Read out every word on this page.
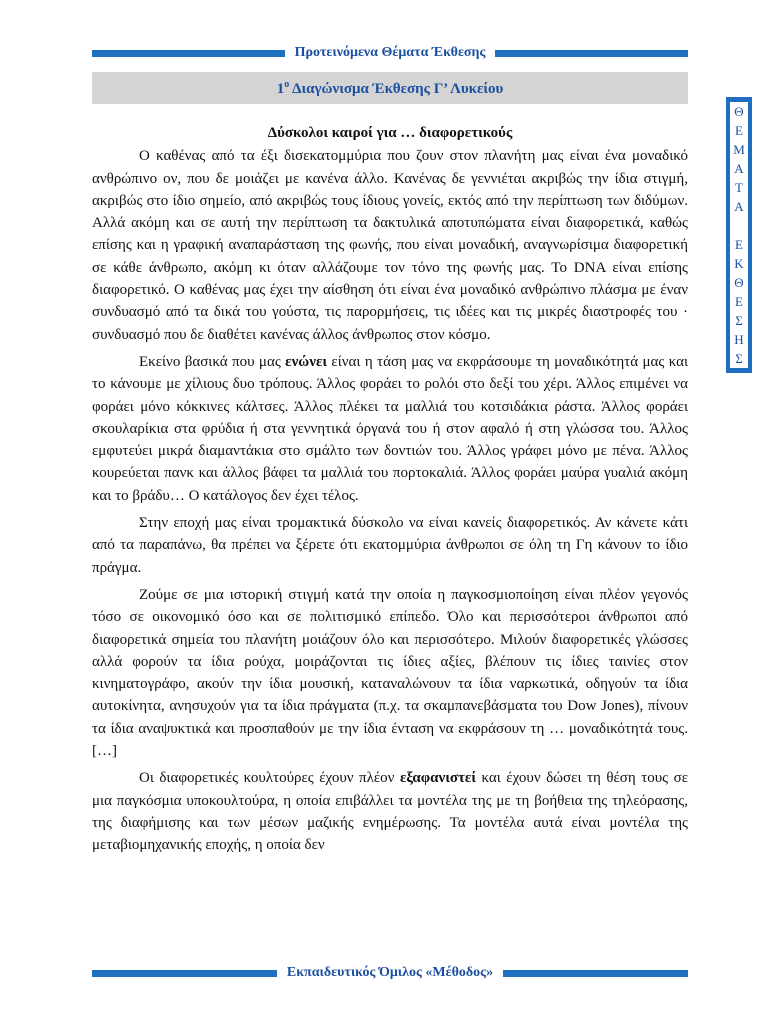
Προτεινόμενα Θέματα Έκθεσης
$1^o$ Διαγώνισμα Έκθεσης Γ’ Λυκείου
Θ
Ε
Μ
Α
Τ
Α
Ε
Κ
Θ
Ε
Σ
Η
Σ
Δύσκολοι καιροί για … διαφορετικούς

Ο καθένας από τα έξι δισεκατομμύρια που ζουν στον πλανήτη μας είναι ένα μοναδικό ανθρώπινο ον, που δε μοιάζει με κανένα άλλο. Κανένας δε γεννιέται ακριβώς την ίδια στιγμή, ακριβώς στο ίδιο σημείο, από ακριβώς τους ίδιους γονείς, εκτός από την περίπτωση των διδύμων. Αλλά ακόμη και σε αυτή την περίπτωση τα δακτυλικά αποτυπώματα είναι διαφορετικά, καθώς επίσης και η γραφική αναπαράσταση της φωνής, που είναι μοναδική, αναγνωρίσιμα διαφορετική σε κάθε άνθρωπο, ακόμη κι όταν αλλάζουμε τον τόνο της φωνής μας. Το DNA είναι επίσης διαφορετικό. Ο καθένας μας έχει την αίσθηση ότι είναι ένα μοναδικό ανθρώπινο πλάσμα με έναν συνδυασμό από τα δικά του γούστα, τις παρορμήσεις, τις ιδέες και τις μικρές διαστροφές του · συνδυασμό που δε διαθέτει κανένας άλλος άνθρωπος στον κόσμο.

Εκείνο βασικά που μας ενώνει είναι η τάση μας να εκφράσουμε τη μοναδικότητά μας και το κάνουμε με χίλιους δυο τρόπους. Άλλος φοράει το ρολόι στο δεξί του χέρι. Άλλος επιμένει να φοράει μόνο κόκκινες κάλτσες. Άλλος πλέκει τα μαλλιά του κοτσιδάκια ράστα. Άλλος φοράει σκουλαρίκια στα φρύδια ή στα γεννητικά όργανά του ή στον αφαλό ή στη γλώσσα του. Άλλος εμφυτεύει μικρά διαμαντάκια στο σμάλτο των δοντιών του. Άλλος γράφει μόνο με πένα. Άλλος κουρεύεται πανκ και άλλος βάφει τα μαλλιά του πορτοκαλιά. Άλλος φοράει μαύρα γυαλιά ακόμη και το βράδυ… Ο κατάλογος δεν έχει τέλος.

Στην εποχή μας είναι τρομακτικά δύσκολο να είναι κανείς διαφορετικός. Αν κάνετε κάτι από τα παραπάνω, θα πρέπει να ξέρετε ότι εκατομμύρια άνθρωποι σε όλη τη Γη κάνουν το ίδιο πράγμα.

Ζούμε σε μια ιστορική στιγμή κατά την οποία η παγκοσμιοποίηση είναι πλέον γεγονός τόσο σε οικονομικό όσο και σε πολιτισμικό επίπεδο. Όλο και περισσότεροι άνθρωποι από διαφορετικά σημεία του πλανήτη μοιάζουν όλο και περισσότερο. Μιλούν διαφορετικές γλώσσες αλλά φορούν τα ίδια ρούχα, μοιράζονται τις ίδιες αξίες, βλέπουν τις ίδιες ταινίες στον κινηματογράφο, ακούν την ίδια μουσική, καταναλώνουν τα ίδια ναρκωτικά, οδηγούν τα ίδια αυτοκίνητα, ανησυχούν για τα ίδια πράγματα (π.χ. τα σκαμπανεβάσματα του Dow Jones), πίνουν τα ίδια αναψυκτικά και προσπαθούν με την ίδια ένταση να εκφράσουν τη … μοναδικότητά τους. […]

Οι διαφορετικές κουλτούρες έχουν πλέον εξαφανιστεί και έχουν δώσει τη θέση τους σε μια παγκόσμια υποκουλτούρα, η οποία επιβάλλει τα μοντέλα της με τη βοήθεια της τηλεόρασης, της διαφήμισης και των μέσων μαζικής ενημέρωσης. Τα μοντέλα αυτά είναι μοντέλα της μεταβιομηχανικής εποχής, η οποία δεν

Εκπαιδευτικός Όμιλος «Μέθοδος»
